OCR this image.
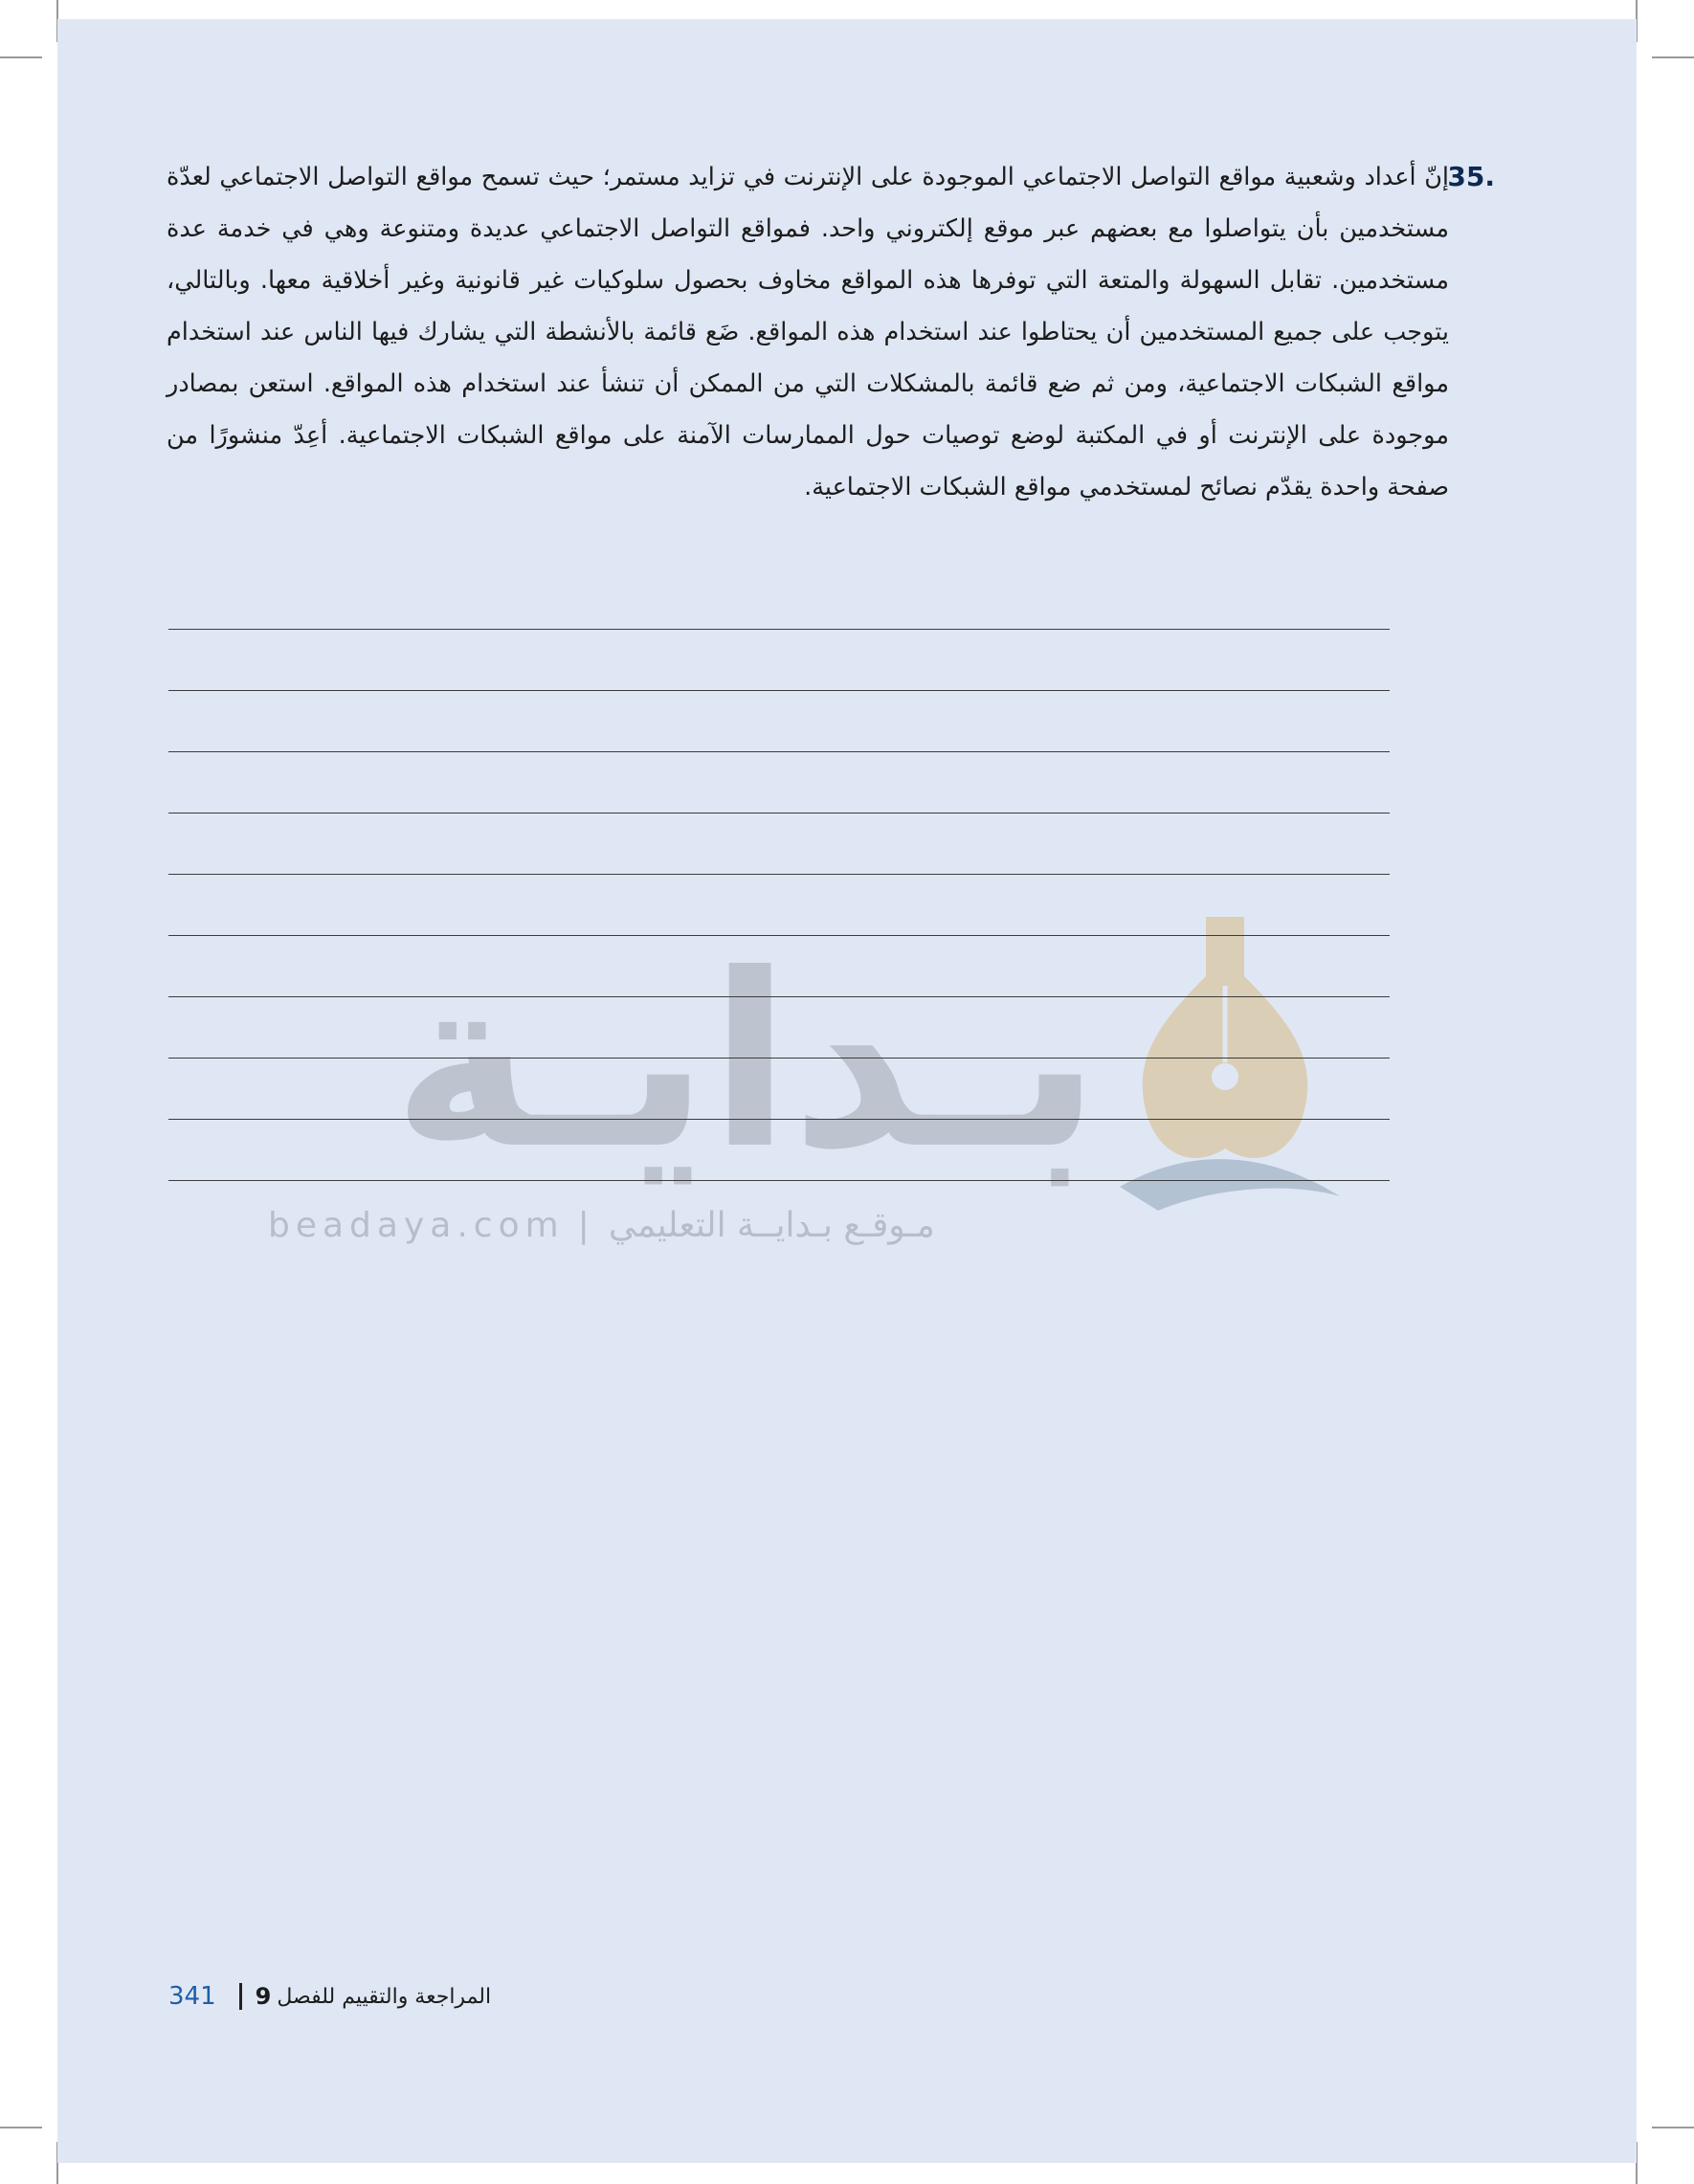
35.
إنّ أعداد وشعبية مواقع التواصل الاجتماعي الموجودة على الإنترنت في تزايد مستمر؛ حيث تسمح مواقع التواصل الاجتماعي لعدّة مستخدمين بأن يتواصلوا مع بعضهم عبر موقع إلكتروني واحد. فمواقع التواصل الاجتماعي عديدة ومتنوعة وهي في خدمة عدة مستخدمين. تقابل السهولة والمتعة التي توفرها هذه المواقع مخاوف بحصول سلوكيات غير قانونية وغير أخلاقية معها. وبالتالي، يتوجب على جميع المستخدمين أن يحتاطوا عند استخدام هذه المواقع. ضَع قائمة بالأنشطة التي يشارك فيها الناس عند استخدام مواقع الشبكات الاجتماعية، ومن ثم ضع قائمة بالمشكلات التي من الممكن أن تنشأ عند استخدام هذه المواقع. استعن بمصادر موجودة على الإنترنت أو في المكتبة لوضع توصيات حول الممارسات الآمنة على مواقع الشبكات الاجتماعية. أعِدّ منشورًا من صفحة واحدة يقدّم نصائح لمستخدمي مواقع الشبكات الاجتماعية.
بـدايـة
beadaya.com | مـوقـع بـدايــة التعليمي
341 9 المراجعة والتقييم للفصل
